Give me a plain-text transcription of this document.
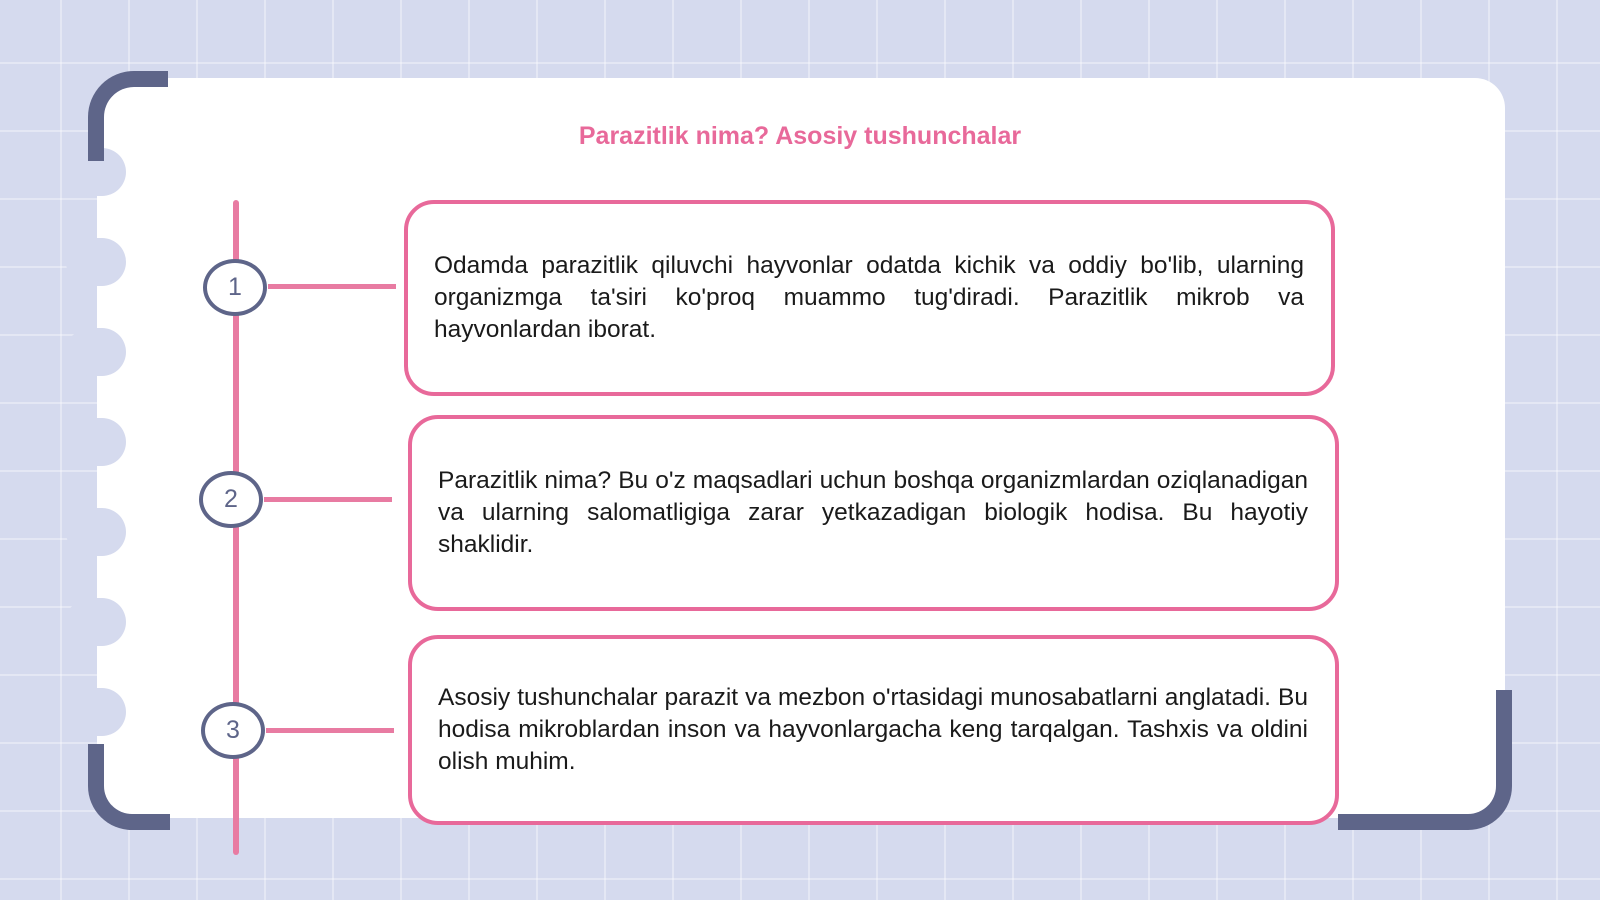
Parazitlik nima? Asosiy tushunchalar
1

Odamda parazitlik qiluvchi hayvonlar odatda kichik va oddiy bo'lib, ularning organizmga ta'siri ko'proq muammo tug'diradi. Parazitlik mikrob va hayvonlardan iborat.

2

Parazitlik nima? Bu o'z maqsadlari uchun boshqa organizmlardan oziqlanadigan va ularning salomatligiga zarar yetkazadigan biologik hodisa. Bu hayotiy shaklidir.

3

Asosiy tushunchalar parazit va mezbon o'rtasidagi munosabatlarni anglatadi. Bu hodisa mikroblardan inson va hayvonlargacha keng tarqalgan. Tashxis va oldini olish muhim.
